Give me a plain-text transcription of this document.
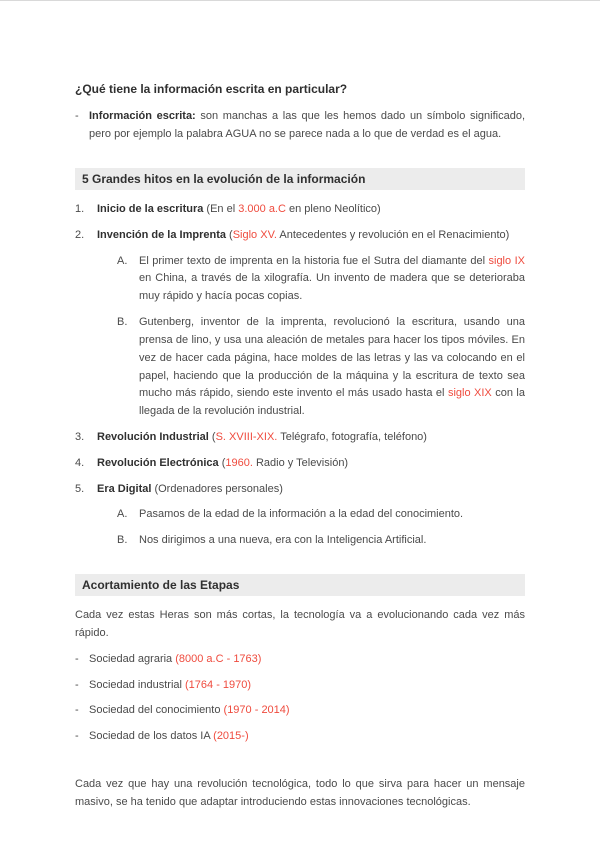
¿Qué tiene la información escrita en particular?
- Información escrita: son manchas a las que les hemos dado un símbolo significado, pero por ejemplo la palabra AGUA no se parece nada a lo que de verdad es el agua.
5 Grandes hitos en la evolución de la información
1.	Inicio de la escritura (En el 3.000 a.C en pleno Neolítico)
2.	Invención de la Imprenta (Siglo XV. Antecedentes y revolución en el Renacimiento)
A.	El primer texto de imprenta en la historia fue el Sutra del diamante del siglo IX en China, a través de la xilografía. Un invento de madera que se deterioraba muy rápido y hacía pocas copias.
B.	Gutenberg, inventor de la imprenta, revolucionó la escritura, usando una prensa de lino, y usa una aleación de metales para hacer los tipos móviles. En vez de hacer cada página, hace moldes de las letras y las va colocando en el papel, haciendo que la producción de la máquina y la escritura de texto sea mucho más rápido, siendo este invento el más usado hasta el siglo XIX con la llegada de la revolución industrial.
3.	Revolución Industrial (S. XVIII-XIX. Telégrafo, fotografía, teléfono)
4.	Revolución Electrónica (1960. Radio y Televisión)
5.	Era Digital (Ordenadores personales)
A.	Pasamos de la edad de la información a la edad del conocimiento.
B.	Nos dirigimos a una nueva, era con la Inteligencia Artificial.
Acortamiento de las Etapas
Cada vez estas Heras son más cortas, la tecnología va a evolucionando cada vez más rápido.
- Sociedad agraria (8000 a.C - 1763)
- Sociedad industrial (1764 - 1970)
- Sociedad del conocimiento (1970 - 2014)
- Sociedad de los datos IA (2015-)
Cada vez que hay una revolución tecnológica, todo lo que sirva para hacer un mensaje masivo, se ha tenido que adaptar introduciendo estas innovaciones tecnológicas.
